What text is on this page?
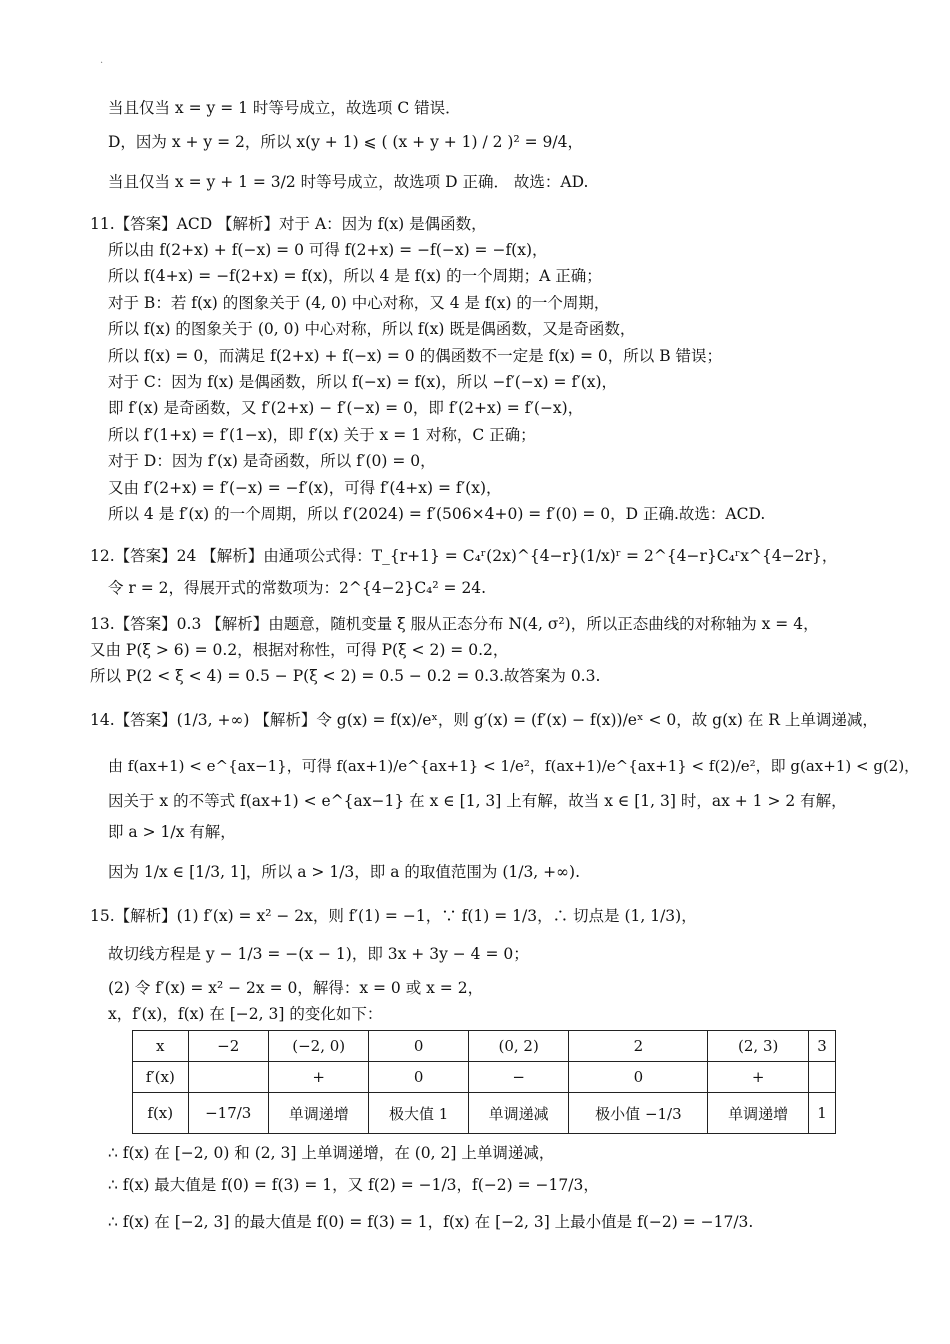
·
当且仅当 x = y = 1 时等号成立，故选项 C 错误．
D，因为 x + y = 2，所以 x(y + 1) ⩽ ( (x + y + 1) / 2 )² = 9/4，
当且仅当 x = y + 1 = 3/2 时等号成立，故选项 D 正确． 故选：AD.
11.【答案】ACD 【解析】对于 A：因为 f(x) 是偶函数，
所以由 f(2+x) + f(−x) = 0 可得 f(2+x) = −f(−x) = −f(x)，
所以 f(4+x) = −f(2+x) = f(x)，所以 4 是 f(x) 的一个周期；A 正确；
对于 B：若 f(x) 的图象关于 (4, 0) 中心对称，又 4 是 f(x) 的一个周期，
所以 f(x) 的图象关于 (0, 0) 中心对称，所以 f(x) 既是偶函数，又是奇函数，
所以 f(x) = 0，而满足 f(2+x) + f(−x) = 0 的偶函数不一定是 f(x) = 0，所以 B 错误；
对于 C：因为 f(x) 是偶函数，所以 f(−x) = f(x)，所以 −f′(−x) = f′(x)，
即 f′(x) 是奇函数，又 f′(2+x) − f′(−x) = 0，即 f′(2+x) = f′(−x)，
所以 f′(1+x) = f′(1−x)，即 f′(x) 关于 x = 1 对称，C 正确；
对于 D：因为 f′(x) 是奇函数，所以 f′(0) = 0，
又由 f′(2+x) = f′(−x) = −f′(x)，可得 f′(4+x) = f′(x)，
所以 4 是 f′(x) 的一个周期，所以 f′(2024) = f′(506×4+0) = f′(0) = 0，D 正确.故选：ACD.
12.【答案】24 【解析】由通项公式得：T_{r+1} = C₄ʳ(2x)^{4−r}(1/x)ʳ = 2^{4−r}C₄ʳx^{4−2r}，
令 r = 2，得展开式的常数项为：2^{4−2}C₄² = 24.
13.【答案】0.3 【解析】由题意，随机变量 ξ 服从正态分布 N(4, σ²)，所以正态曲线的对称轴为 x = 4，
又由 P(ξ > 6) = 0.2，根据对称性，可得 P(ξ < 2) = 0.2，
所以 P(2 < ξ < 4) = 0.5 − P(ξ < 2) = 0.5 − 0.2 = 0.3.故答案为 0.3.
14.【答案】(1/3, +∞) 【解析】令 g(x) = f(x)/eˣ，则 g′(x) = (f′(x) − f(x))/eˣ < 0，故 g(x) 在 R 上单调递减，
由 f(ax+1) < e^{ax−1}，可得 f(ax+1)/e^{ax+1} < 1/e²，f(ax+1)/e^{ax+1} < f(2)/e²，即 g(ax+1) < g(2)，
因关于 x 的不等式 f(ax+1) < e^{ax−1} 在 x ∈ [1, 3] 上有解，故当 x ∈ [1, 3] 时，ax + 1 > 2 有解，
即 a > 1/x 有解，
因为 1/x ∈ [1/3, 1]，所以 a > 1/3，即 a 的取值范围为 (1/3, +∞).
15.【解析】(1) f′(x) = x² − 2x，则 f′(1) = −1，∵ f(1) = 1/3，∴ 切点是 (1, 1/3)，
故切线方程是 y − 1/3 = −(x − 1)，即 3x + 3y − 4 = 0；
(2) 令 f′(x) = x² − 2x = 0，解得：x = 0 或 x = 2，
x，f′(x)，f(x) 在 [−2, 3] 的变化如下：
x	−2	(−2, 0)	0	(0, 2)	2	(2, 3)	3
f′(x)		+	0	−	0	+	
f(x)	−17/3	单调递增	极大值 1	单调递减	极小值 −1/3	单调递增	1
∴ f(x) 在 [−2, 0) 和 (2, 3] 上单调递增，在 (0, 2] 上单调递减，
∴ f(x) 最大值是 f(0) = f(3) = 1，又 f(2) = −1/3，f(−2) = −17/3，
∴ f(x) 在 [−2, 3] 的最大值是 f(0) = f(3) = 1，f(x) 在 [−2, 3] 上最小值是 f(−2) = −17/3.
